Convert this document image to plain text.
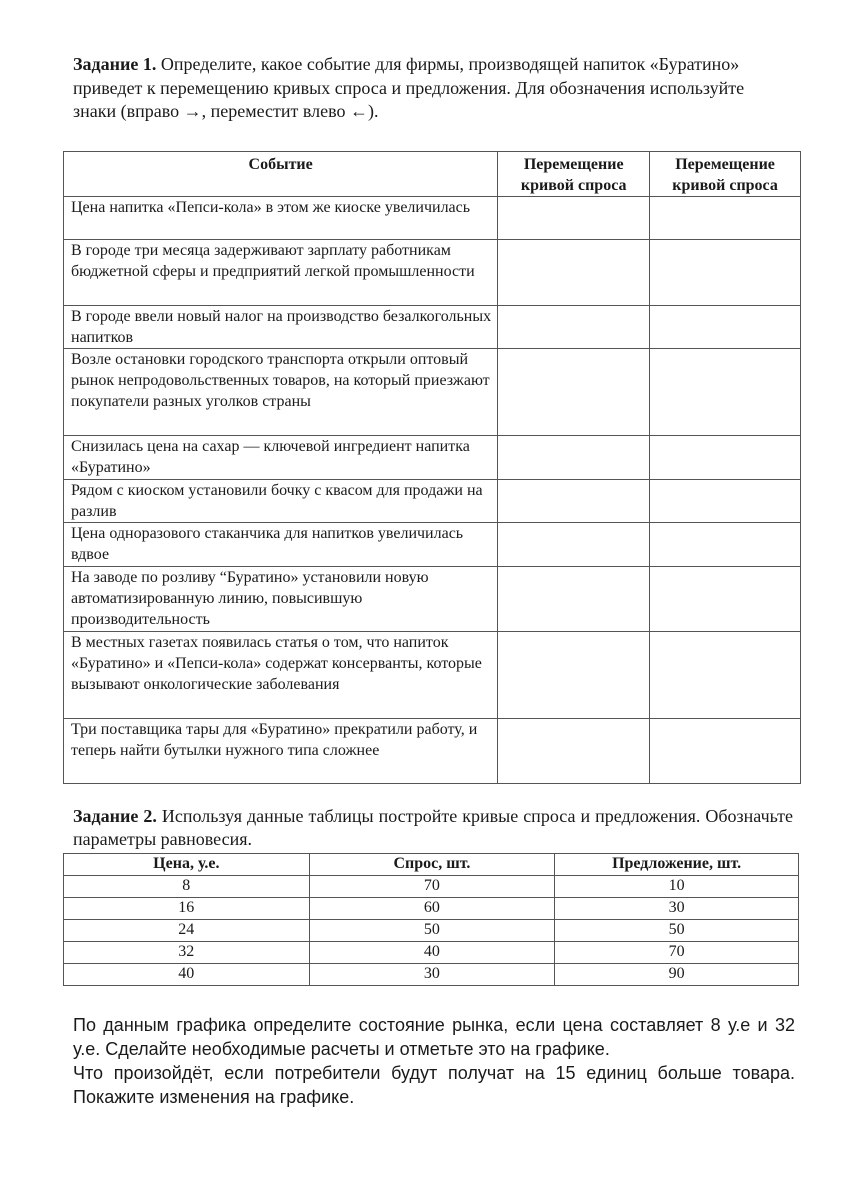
Задание 1. Определите, какое событие для фирмы, производящей напиток «Буратино» приведет к перемещению кривых спроса и предложения. Для обозначения используйте знаки (вправо →, переместит влево ←).
Событие	Перемещение кривой спроса	Перемещение кривой спроса
Цена напитка «Пепси-кола» в этом же киоске увеличилась		
В городе три месяца задерживают зарплату работникам бюджетной сферы и предприятий легкой промышленности		
В городе ввели новый налог на производство безалкогольных напитков		
Возле остановки городского транспорта открыли оптовый рынок непродовольственных товаров, на который приезжают покупатели разных уголков страны		
Снизилась цена на сахар — ключевой ингредиент напитка «Буратино»		
Рядом с киоском установили бочку с квасом для продажи на разлив		
Цена одноразового стаканчика для напитков увеличилась вдвое		
На заводе по розливу “Буратино» установили новую автоматизированную линию, повысившую производительность		
В местных газетах появилась статья о том, что напиток «Буратино» и «Пепси-кола» содержат консерванты, которые вызывают онкологические заболевания		
Три поставщика тары для «Буратино» прекратили работу, и теперь найти бутылки нужного типа сложнее		
Задание 2. Используя данные таблицы постройте кривые спроса и предложения. Обозначьте параметры равновесия.
Цена, у.е.	Спрос, шт.	Предложение, шт.
8	70	10
16	60	30
24	50	50
32	40	70
40	30	90

По данным графика определите состояние рынка, если цена составляет 8 у.е и 32 у.е. Сделайте необходимые расчеты и отметьте это на графике.

Что произойдёт, если потребители будут получат на 15 единиц больше товара. Покажите изменения на графике.
